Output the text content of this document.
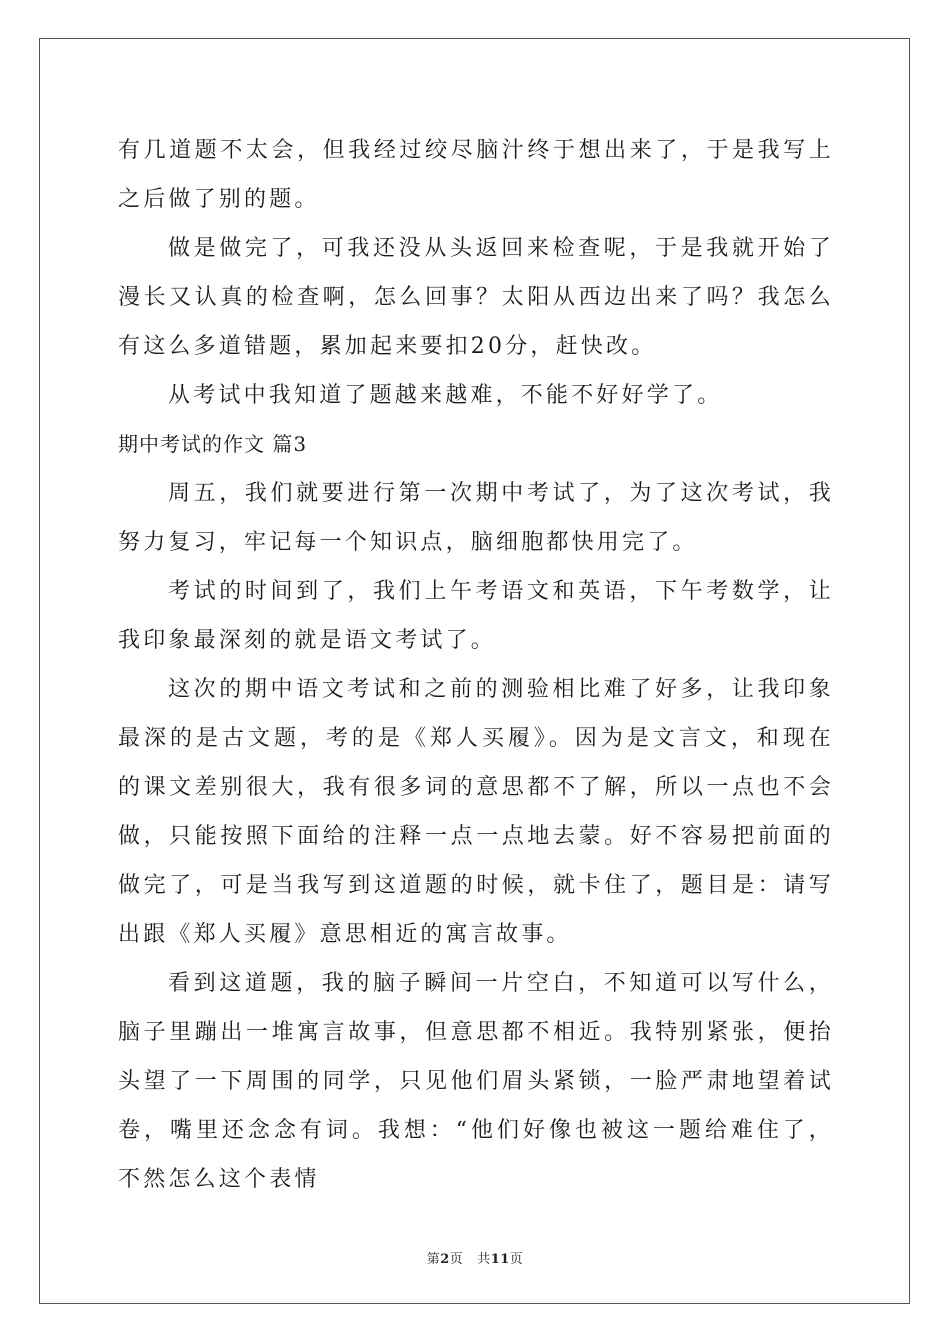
有几道题不太会，但我经过绞尽脑汁终于想出来了，于是我写上之后做了别的题。

做是做完了，可我还没从头返回来检查呢，于是我就开始了漫长又认真的检查啊，怎么回事？太阳从西边出来了吗？我怎么有这么多道错题，累加起来要扣20分，赶快改。

从考试中我知道了题越来越难，不能不好好学了。

期中考试的作文 篇3

周五，我们就要进行第一次期中考试了，为了这次考试，我努力复习，牢记每一个知识点，脑细胞都快用完了。

考试的时间到了，我们上午考语文和英语，下午考数学，让我印象最深刻的就是语文考试了。

这次的期中语文考试和之前的测验相比难了好多，让我印象最深的是古文题，考的是《郑人买履》。因为是文言文，和现在的课文差别很大，我有很多词的意思都不了解，所以一点也不会做，只能按照下面给的注释一点一点地去蒙。好不容易把前面的做完了，可是当我写到这道题的时候，就卡住了，题目是：请写出跟《郑人买履》意思相近的寓言故事。

看到这道题，我的脑子瞬间一片空白，不知道可以写什么，脑子里蹦出一堆寓言故事，但意思都不相近。我特别紧张，便抬头望了一下周围的同学，只见他们眉头紧锁，一脸严肃地望着试卷，嘴里还念念有词。我想：“他们好像也被这一题给难住了，不然怎么这个表情

第2页 共11页
